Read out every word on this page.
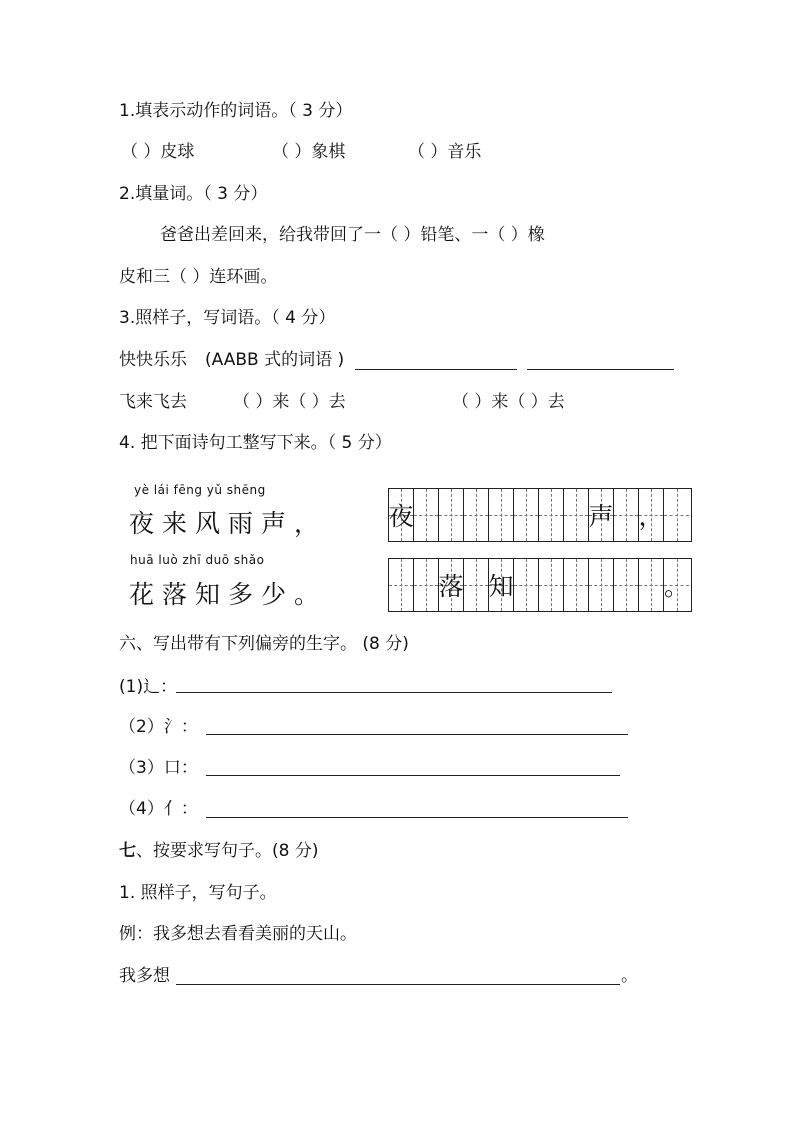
1.填表示动作的词语。（ 3 分）
（ ）皮球	（ ）象棋	（ ）音乐
2.填量词。（ 3 分）
爸爸出差回来，给我带回了一（ ）铅笔、一（ ）橡
皮和三（ ）连环画。
3.照样子，写词语。（ 4 分）
快快乐乐 (AABB 式的词语 )
飞来飞去	（ ）来（ ）去	（ ）来（ ）去
4. 把下面诗句工整写下来。（ 5 分）
yè lái fēng yǔ shēng
夜来风雨声，
huā luò zhī duō shǎo
花落知多少。
夜	声 ，
落 知	。
六、写出带有下列偏旁的生字。 (8 分)
(1)辶：
（2）氵：
（3）口：
（4）亻：
七、按要求写句子。(8 分)
1. 照样子，写句子。
例：我多想去看看美丽的天山。
我多想	。
